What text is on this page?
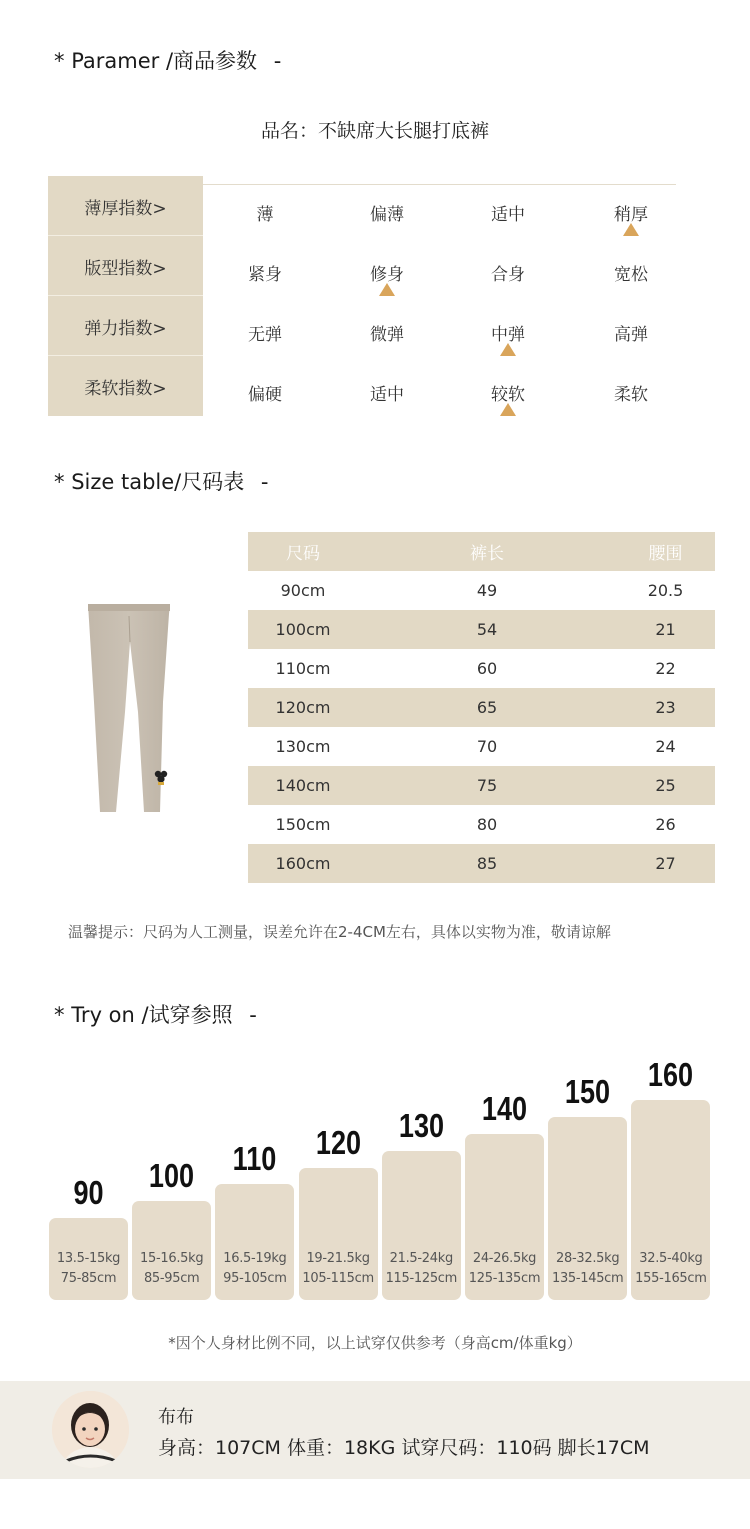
* Paramer /商品参数 -
品名：不缺席大长腿打底裤
薄厚指数>	薄	偏薄	适中	稍厚
版型指数>	紧身	修身	合身	宽松
弹力指数>	无弹	微弹	中弹	高弹
柔软指数>	偏硬	适中	较软	柔软
* Size table/尺码表 -
尺码	裤长	腰围
90cm	49	20.5
100cm	54	21
110cm	60	22
120cm	65	23
130cm	70	24
140cm	75	25
150cm	80	26
160cm	85	27
温馨提示：尺码为人工测量，误差允许在2-4CM左右，具体以实物为准，敬请谅解
* Try on /试穿参照 -
90
13.5-15kg
75-85cm
100
15-16.5kg
85-95cm
110
16.5-19kg
95-105cm
120
19-21.5kg
105-115cm
130
21.5-24kg
115-125cm
140
24-26.5kg
125-135cm
150
28-32.5kg
135-145cm
160
32.5-40kg
155-165cm
*因个人身材比例不同，以上试穿仅供参考（身高cm/体重kg）
布布
身高：107CM 体重：18KG 试穿尺码：110码 脚长17CM
